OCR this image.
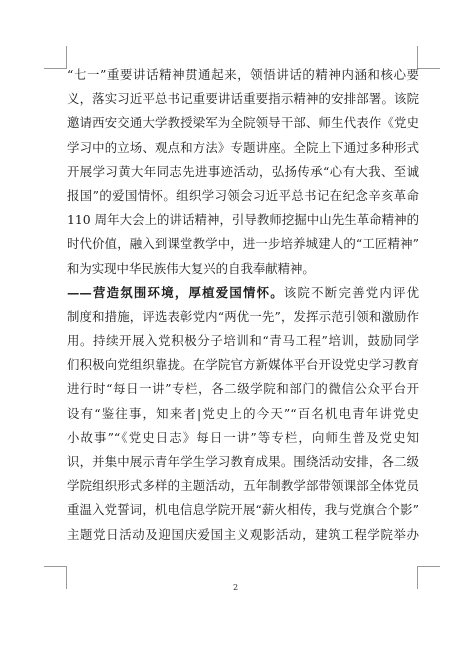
“七一”重要讲话精神贯通起来，领悟讲话的精神内涵和核心要
义，落实习近平总书记重要讲话重要指示精神的安排部署。该院
邀请西安交通大学教授梁军为全院领导干部、师生代表作《党史
学习中的立场、观点和方法》专题讲座。全院上下通过多种形式
开展学习黄大年同志先进事迹活动，弘扬传承“心有大我、至诚
报国”的爱国情怀。组织学习领会习近平总书记在纪念辛亥革命
110 周年大会上的讲话精神，引导教师挖掘中山先生革命精神的
时代价值，融入到课堂教学中，进一步培养城建人的“工匠精神”
和为实现中华民族伟大复兴的自我奉献精神。
——营造氛围环境，厚植爱国情怀。该院不断完善党内评优
制度和措施，评选表彰党内“两优一先”，发挥示范引领和激励作
用。持续开展入党积极分子培训和“青马工程”培训，鼓励同学
们积极向党组织靠拢。在学院官方新媒体平台开设党史学习教育
进行时“每日一讲”专栏，各二级学院和部门的微信公众平台开
设有“鉴往事，知来者|党史上的今天”“百名机电青年讲党史
小故事”“《党史日志》每日一讲”等专栏，向师生普及党史知
识，并集中展示青年学生学习教育成果。围绕活动安排，各二级
学院组织形式多样的主题活动，五年制教学部带领课部全体党员
重温入党誓词，机电信息学院开展“薪火相传，我与党旗合个影”
主题党日活动及迎国庆爱国主义观影活动，建筑工程学院举办
2
